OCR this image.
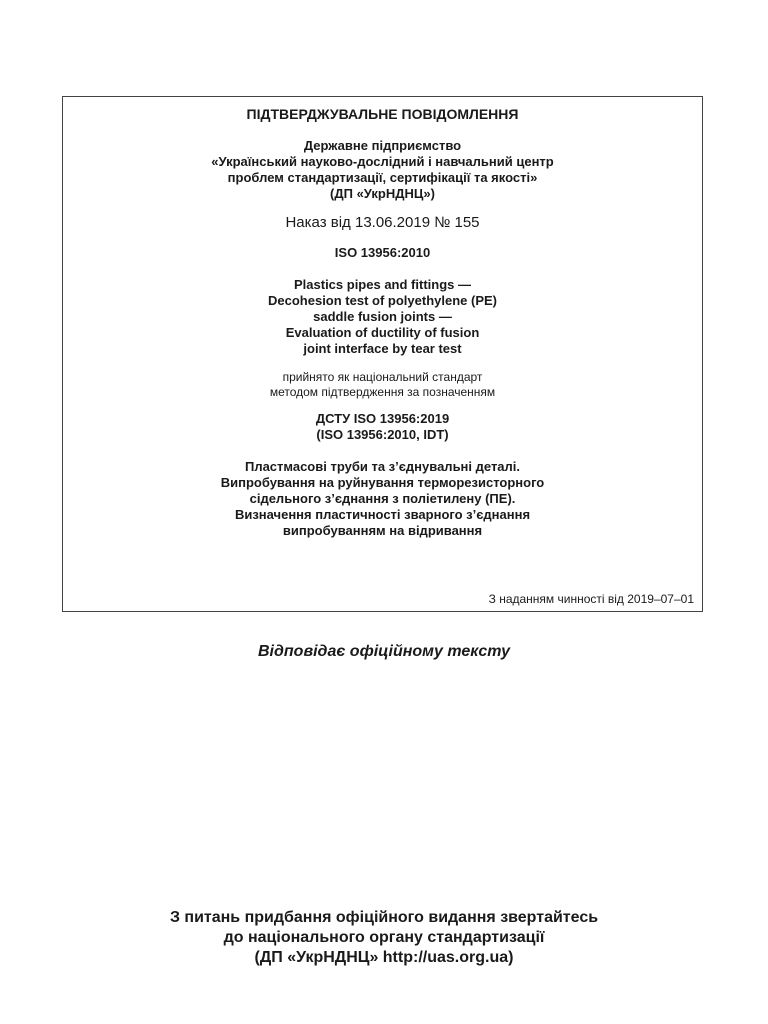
ПІДТВЕРДЖУВАЛЬНЕ ПОВІДОМЛЕННЯ
Державне підприємство
«Український науково-дослідний і навчальний центр
проблем стандартизації, сертифікації та якості»
(ДП «УкрНДНЦ»)
Наказ від 13.06.2019 № 155
ISO 13956:2010
Plastics pipes and fittings —
Decohesion test of polyethylene (PE)
saddle fusion joints —
Evaluation of ductility of fusion
joint interface by tear test
прийнято як національний стандарт
методом підтвердження за позначенням
ДСТУ ISO 13956:2019
(ISO 13956:2010, IDT)
Пластмасові труби та з’єднувальні деталі.
Випробування на руйнування терморезисторного
сідельного з’єднання з поліетилену (ПЕ).
Визначення пластичності зварного з’єднання
випробуванням на відривання
З наданням чинності від 2019–07–01
Відповідає офіційному тексту
З питань придбання офіційного видання звертайтесь
до національного органу стандартизації
(ДП «УкрНДНЦ» http://uas.org.ua)
